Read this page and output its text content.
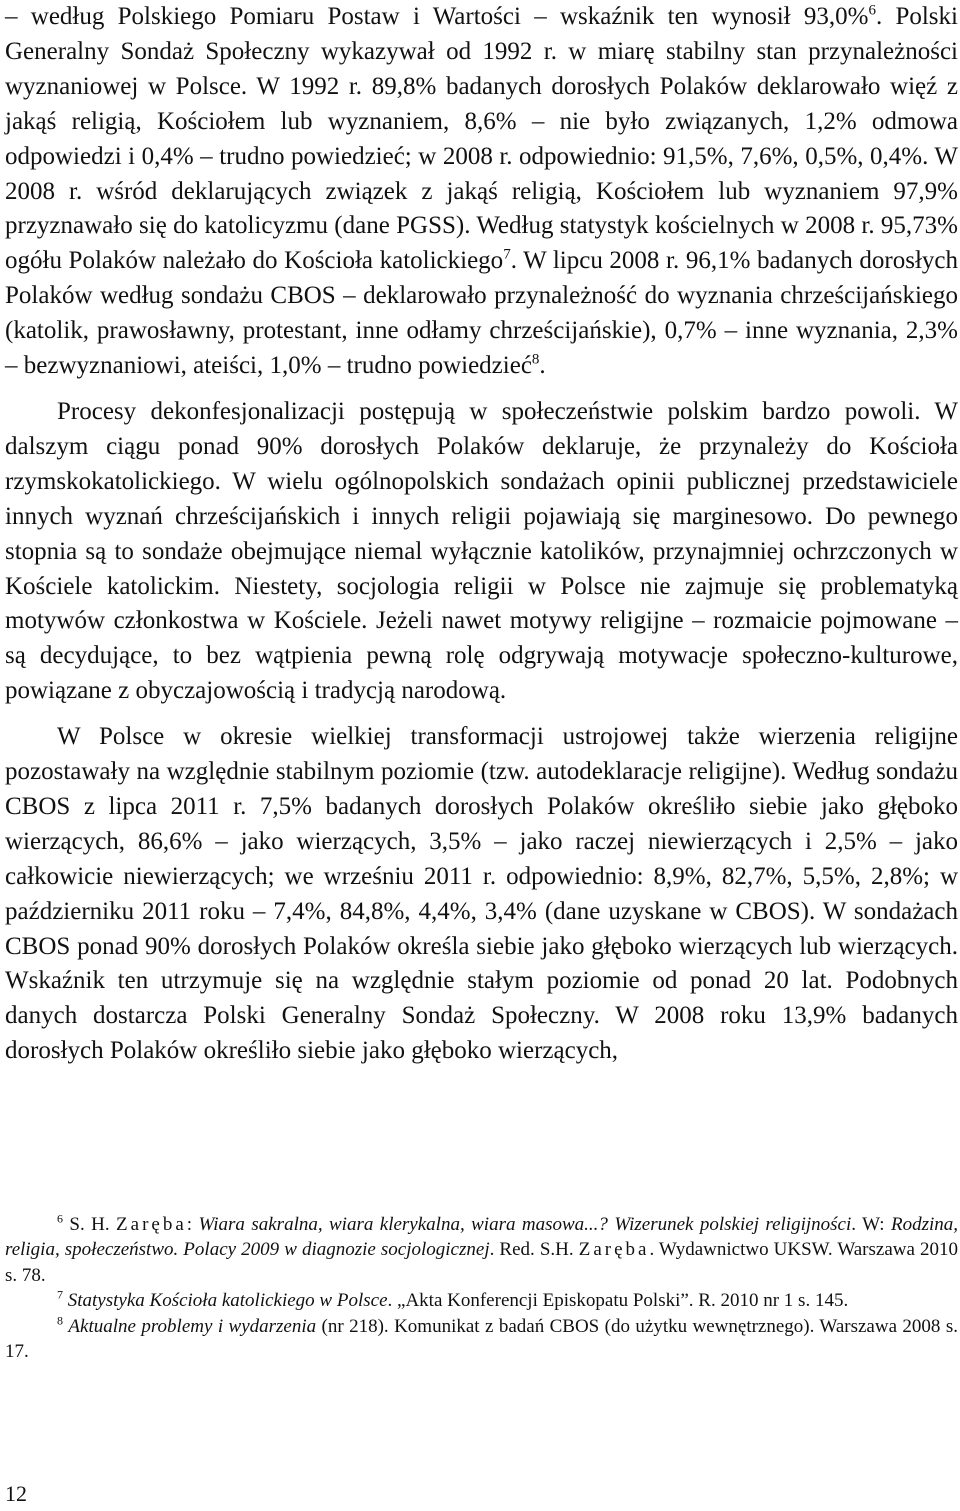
– według Polskiego Pomiaru Postaw i Wartości – wskaźnik ten wynosił 93,0%$^6$. Polski Generalny Sondaż Społeczny wykazywał od 1992 r. w miarę stabilny stan przynależności wyznaniowej w Polsce. W 1992 r. 89,8% badanych dorosłych Polaków deklarowało więź z jakąś religią, Kościołem lub wyznaniem, 8,6% – nie było związanych, 1,2% odmowa odpowiedzi i 0,4% – trudno powiedzieć; w 2008 r. odpowiednio: 91,5%, 7,6%, 0,5%, 0,4%. W 2008 r. wśród deklarujących związek z jakąś religią, Kościołem lub wyznaniem 97,9% przyznawało się do katolicyzmu (dane PGSS). Według statystyk kościelnych w 2008 r. 95,73% ogółu Polaków należało do Kościoła katolickiego$^7$. W lipcu 2008 r. 96,1% badanych dorosłych Polaków według sondażu CBOS – deklarowało przynależność do wyznania chrześcijańskiego (katolik, prawosławny, protestant, inne odłamy chrześcijańskie), 0,7% – inne wyznania, 2,3% – bezwyznaniowi, ateiści, 1,0% – trudno powiedzieć$^8$.

Procesy dekonfesjonalizacji postępują w społeczeństwie polskim bardzo powoli. W dalszym ciągu ponad 90% dorosłych Polaków deklaruje, że przynależy do Kościoła rzymskokatolickiego. W wielu ogólnopolskich sondażach opinii publicznej przedstawiciele innych wyznań chrześcijańskich i innych religii pojawiają się marginesowo. Do pewnego stopnia są to sondaże obejmujące niemal wyłącznie katolików, przynajmniej ochrzczonych w Kościele katolickim. Niestety, socjologia religii w Polsce nie zajmuje się problematyką motywów członkostwa w Kościele. Jeżeli nawet motywy religijne – rozmaicie pojmowane – są decydujące, to bez wątpienia pewną rolę odgrywają motywacje społeczno-kulturowe, powiązane z obyczajowością i tradycją narodową.

W Polsce w okresie wielkiej transformacji ustrojowej także wierzenia religijne pozostawały na względnie stabilnym poziomie (tzw. autodeklaracje religijne). Według sondażu CBOS z lipca 2011 r. 7,5% badanych dorosłych Polaków określiło siebie jako głęboko wierzących, 86,6% – jako wierzących, 3,5% – jako raczej niewierzących i 2,5% – jako całkowicie niewierzących; we wrześniu 2011 r. odpowiednio: 8,9%, 82,7%, 5,5%, 2,8%; w październiku 2011 roku – 7,4%, 84,8%, 4,4%, 3,4% (dane uzyskane w CBOS). W sondażach CBOS ponad 90% dorosłych Polaków określa siebie jako głęboko wierzących lub wierzących. Wskaźnik ten utrzymuje się na względnie stałym poziomie od ponad 20 lat. Podobnych danych dostarcza Polski Generalny Sondaż Społeczny. W 2008 roku 13,9% badanych dorosłych Polaków określiło siebie jako głęboko wierzących,

$^6$ S. H. Zaręba: Wiara sakralna, wiara klerykalna, wiara masowa...? Wizerunek polskiej religijności. W: Rodzina, religia, społeczeństwo. Polacy 2009 w diagnozie socjologicznej. Red. S.H. Zaręba. Wydawnictwo UKSW. Warszawa 2010 s. 78.

$^7$ Statystyka Kościoła katolickiego w Polsce. „Akta Konferencji Episkopatu Polski”. R. 2010 nr 1 s. 145.

$^8$ Aktualne problemy i wydarzenia (nr 218). Komunikat z badań CBOS (do użytku wewnętrznego). Warszawa 2008 s. 17.

12
